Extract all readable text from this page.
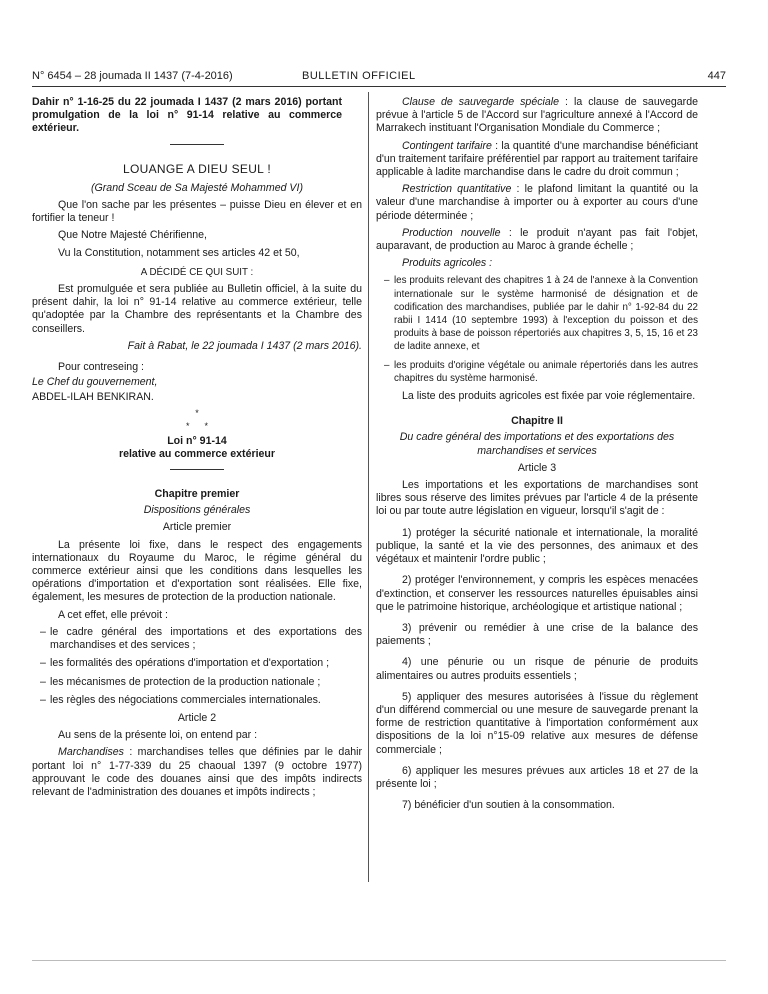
N° 6454 – 28 joumada II 1437 (7-4-2016)	BULLETIN OFFICIEL	447

Dahir n° 1-16-25 du 22 joumada I 1437 (2 mars 2016) portant promulgation de la loi n° 91-14 relative au commerce extérieur.

LOUANGE A DIEU SEUL !

(Grand Sceau de Sa Majesté Mohammed VI)

Que l'on sache par les présentes – puisse Dieu en élever et en fortifier la teneur !

Que Notre Majesté Chérifienne,

Vu la Constitution, notamment ses articles 42 et 50,

A DÉCIDÉ CE QUI SUIT :

Est promulguée et sera publiée au Bulletin officiel, à la suite du présent dahir, la loi n° 91-14 relative au commerce extérieur, telle qu'adoptée par la Chambre des représentants et la Chambre des conseillers.

Fait à Rabat, le 22 joumada I 1437 (2 mars 2016).

Pour contreseing :

Le Chef du gouvernement,

ABDEL-ILAH BENKIRAN.

*
* *

Loi n° 91-14

relative au commerce extérieur

Chapitre premier

Dispositions générales

Article premier

La présente loi fixe, dans le respect des engagements internationaux du Royaume du Maroc, le régime général du commerce extérieur ainsi que les conditions dans lesquelles les opérations d'importation et d'exportation sont réalisées. Elle fixe, également, les mesures de protection de la production nationale.

A cet effet, elle prévoit :

– le cadre général des importations et des exportations des marchandises et des services ;
– les formalités des opérations d'importation et d'exportation ;
– les mécanismes de protection de la production nationale ;
– les règles des négociations commerciales internationales.
Article 2

Au sens de la présente loi, on entend par :

Marchandises : marchandises telles que définies par le dahir portant loi n° 1-77-339 du 25 chaoual 1397 (9 octobre 1977) approuvant le code des douanes ainsi que des impôts indirects relevant de l'administration des douanes et impôts indirects ;

Clause de sauvegarde spéciale : la clause de sauvegarde prévue à l'article 5 de l'Accord sur l'agriculture annexé à l'Accord de Marrakech instituant l'Organisation Mondiale du Commerce ;

Contingent tarifaire : la quantité d'une marchandise bénéficiant d'un traitement tarifaire préférentiel par rapport au traitement tarifaire applicable à ladite marchandise dans le cadre du droit commun ;

Restriction quantitative : le plafond limitant la quantité ou la valeur d'une marchandise à importer ou à exporter au cours d'une période déterminée ;

Production nouvelle : le produit n'ayant pas fait l'objet, auparavant, de production au Maroc à grande échelle ;

Produits agricoles :

– les produits relevant des chapitres 1 à 24 de l'annexe à la Convention internationale sur le système harmonisé de désignation et de codification des marchandises, publiée par le dahir n° 1-92-84 du 22 rabii I 1414 (10 septembre 1993) à l'exception du poisson et des produits à base de poisson répertoriés aux chapitres 3, 5, 15, 16 et 23 de ladite annexe, et
– les produits d'origine végétale ou animale répertoriés dans les autres chapitres du système harmonisé.

La liste des produits agricoles est fixée par voie réglementaire.

Chapitre II

Du cadre général des importations et des exportations des marchandises et services

Article 3

Les importations et les exportations de marchandises sont libres sous réserve des limites prévues par l'article 4 de la présente loi ou par toute autre législation en vigueur, lorsqu'il s'agit de :

1) protéger la sécurité nationale et internationale, la moralité publique, la santé et la vie des personnes, des animaux et des végétaux et maintenir l'ordre public ;

2) protéger l'environnement, y compris les espèces menacées d'extinction, et conserver les ressources naturelles épuisables ainsi que le patrimoine historique, archéologique et artistique national ;

3) prévenir ou remédier à une crise de la balance des paiements ;

4) une pénurie ou un risque de pénurie de produits alimentaires ou autres produits essentiels ;

5) appliquer des mesures autorisées à l'issue du règlement d'un différend commercial ou une mesure de sauvegarde prenant la forme de restriction quantitative à l'importation conformément aux dispositions de la loi n°15-09 relative aux mesures de défense commerciale ;

6) appliquer les mesures prévues aux articles 18 et 27 de la présente loi ;

7) bénéficier d'un soutien à la consommation.
